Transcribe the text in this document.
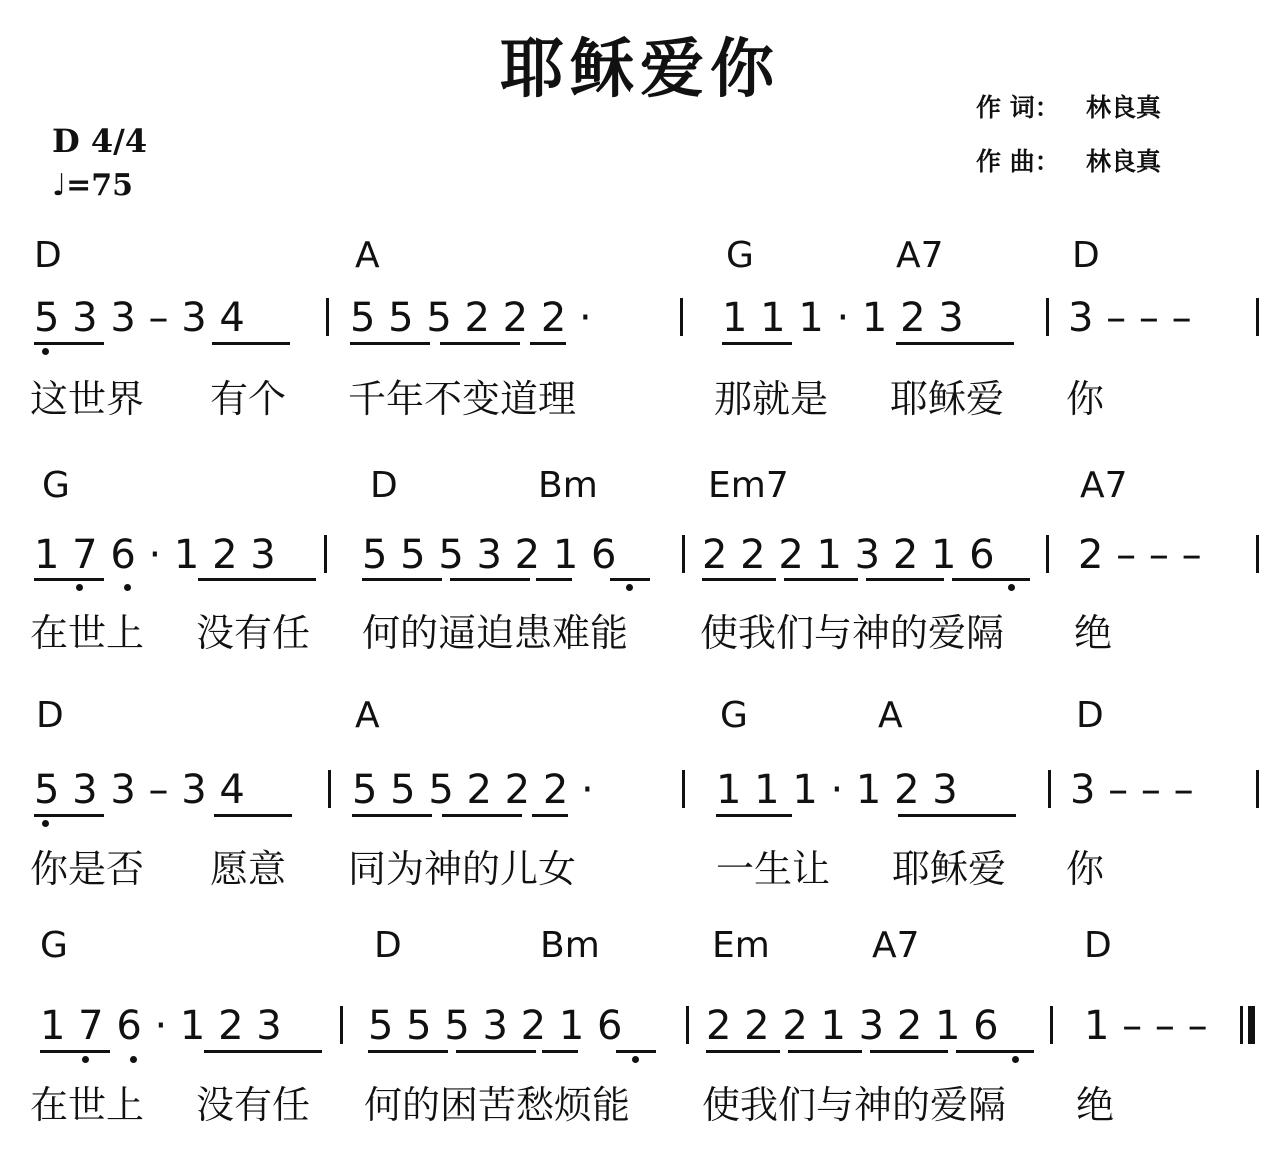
耶稣爱你
D 4/4
♩=75
作 词： 林良真
作 曲： 林良真
D	A	G	A7	D
5 3 3 – 3 4	5 5 5 2 2 2 ·	1 1 1 · 1 2 3	3 – – –
这世界 有个 千年不变道理	那就是 耶稣爱 你
G	D	Bm	Em7	A7
1 7 6 · 1 2 3 5 5 5 3 2 1 6 2 2 2 1 3 2 1 6 2 – – –
在世上 没有任 何的逼迫患难能 使我们与神的爱隔 绝
D	A	G	A	D
5 3 3 – 3 4	5 5 5 2 2 2 ·	1 1 1 · 1 2 3	3 – – –
你是否 愿意 同为神的儿女	一生让 耶稣爱 你
G	D	Bm	Em	A7	D
1 7 6 · 1 2 3 5 5 5 3 2 1 6 2 2 2 1 3 2 1 6 1 – – –
在世上 没有任 何的困苦愁烦能 使我们与神的爱隔 绝
